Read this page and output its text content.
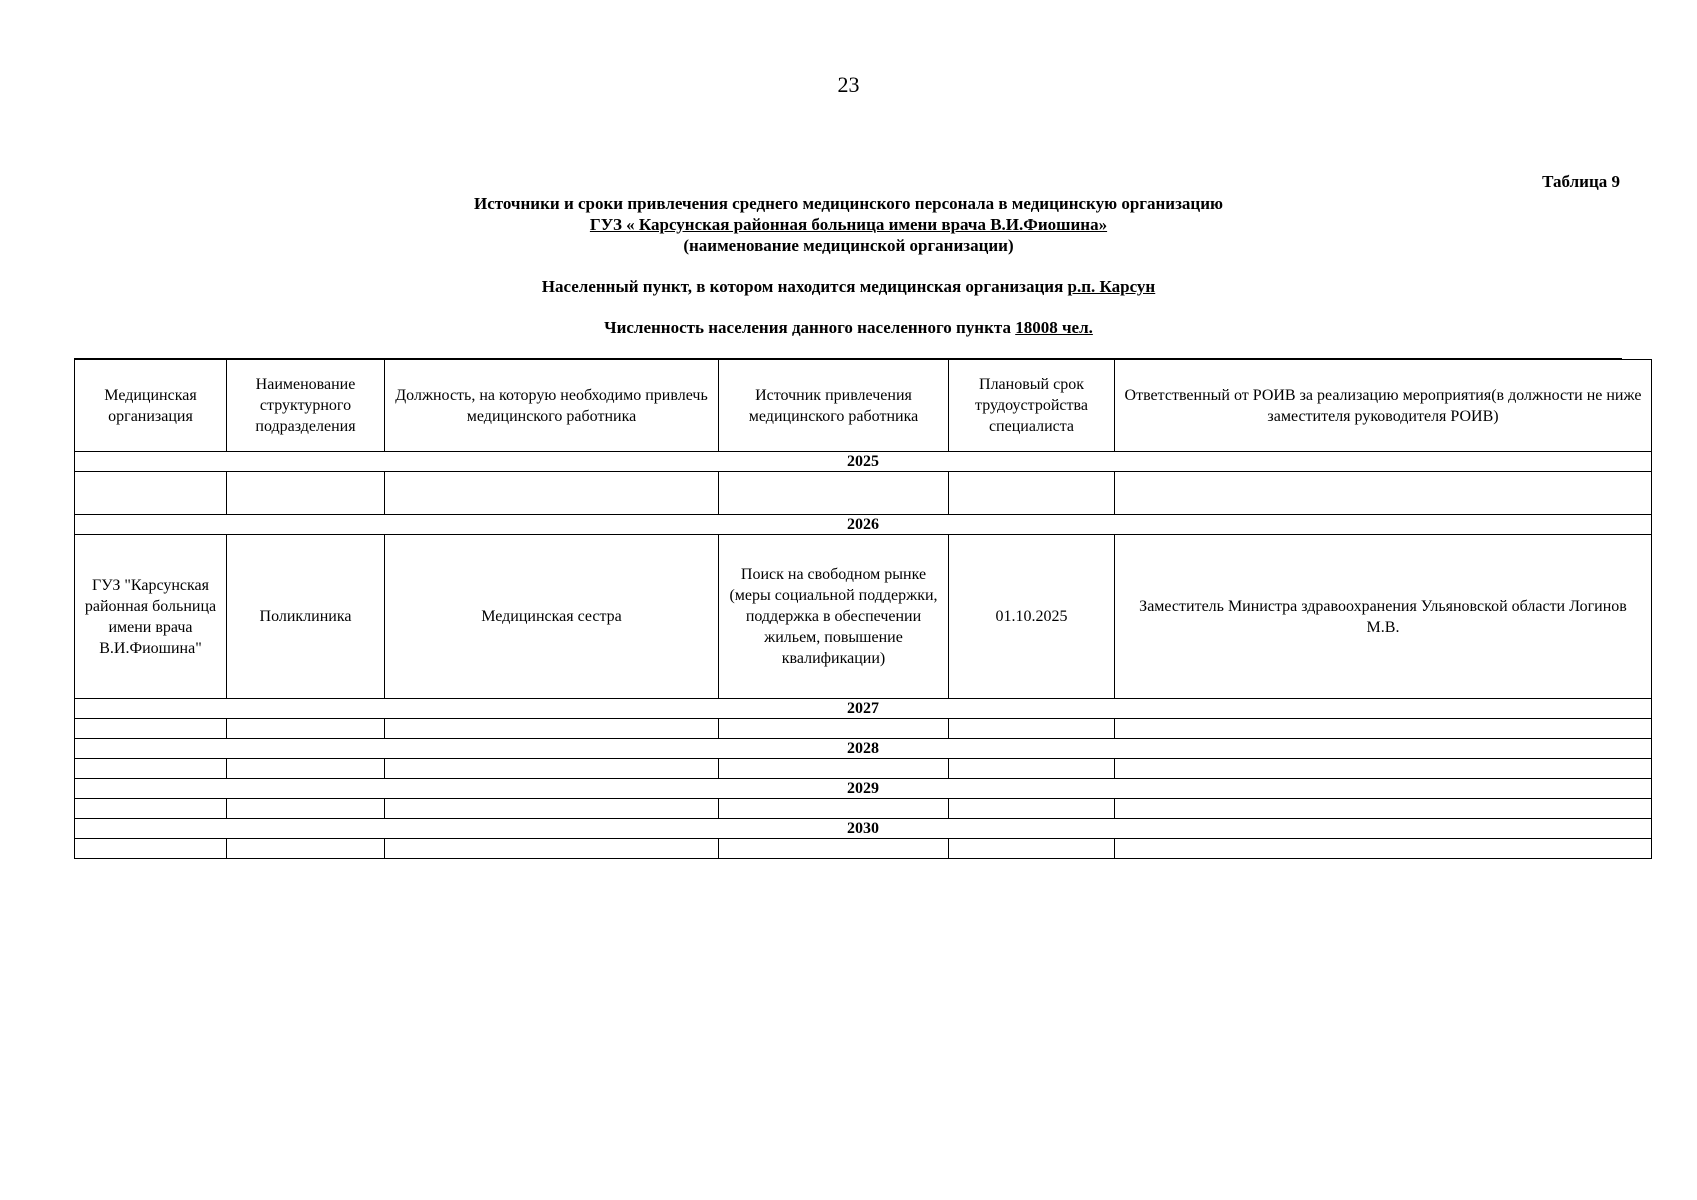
23
Таблица 9
Источники и сроки привлечения среднего медицинского персонала в медицинскую организацию
ГУЗ « Карсунская районная больница имени врача В.И.Фиошина»
(наименование медицинской организации)
Населенный пункт, в котором находится медицинская организация р.п. Карсун
Численность населения данного населенного пункта 18008 чел.
Медицинская организация	Наименование структурного подразделения	Должность, на которую необходимо привлечь медицинского работника	Источник привлечения медицинского работника	Плановый срок трудоустройства специалиста	Ответственный от РОИВ за реализацию мероприятия(в должности не ниже заместителя руководителя РОИВ)
2025					

2026					
ГУЗ "Карсунская районная больница имени врача В.И.Фиошина"	Поликлиника	Медицинская сестра	Поиск на свободном рынке (меры социальной поддержки, поддержка в обеспечении жильем, повышение квалификации)	01.10.2025	Заместитель Министра здравоохранения Ульяновской области Логинов М.В.
2027					

2028					

2029					

2030					
